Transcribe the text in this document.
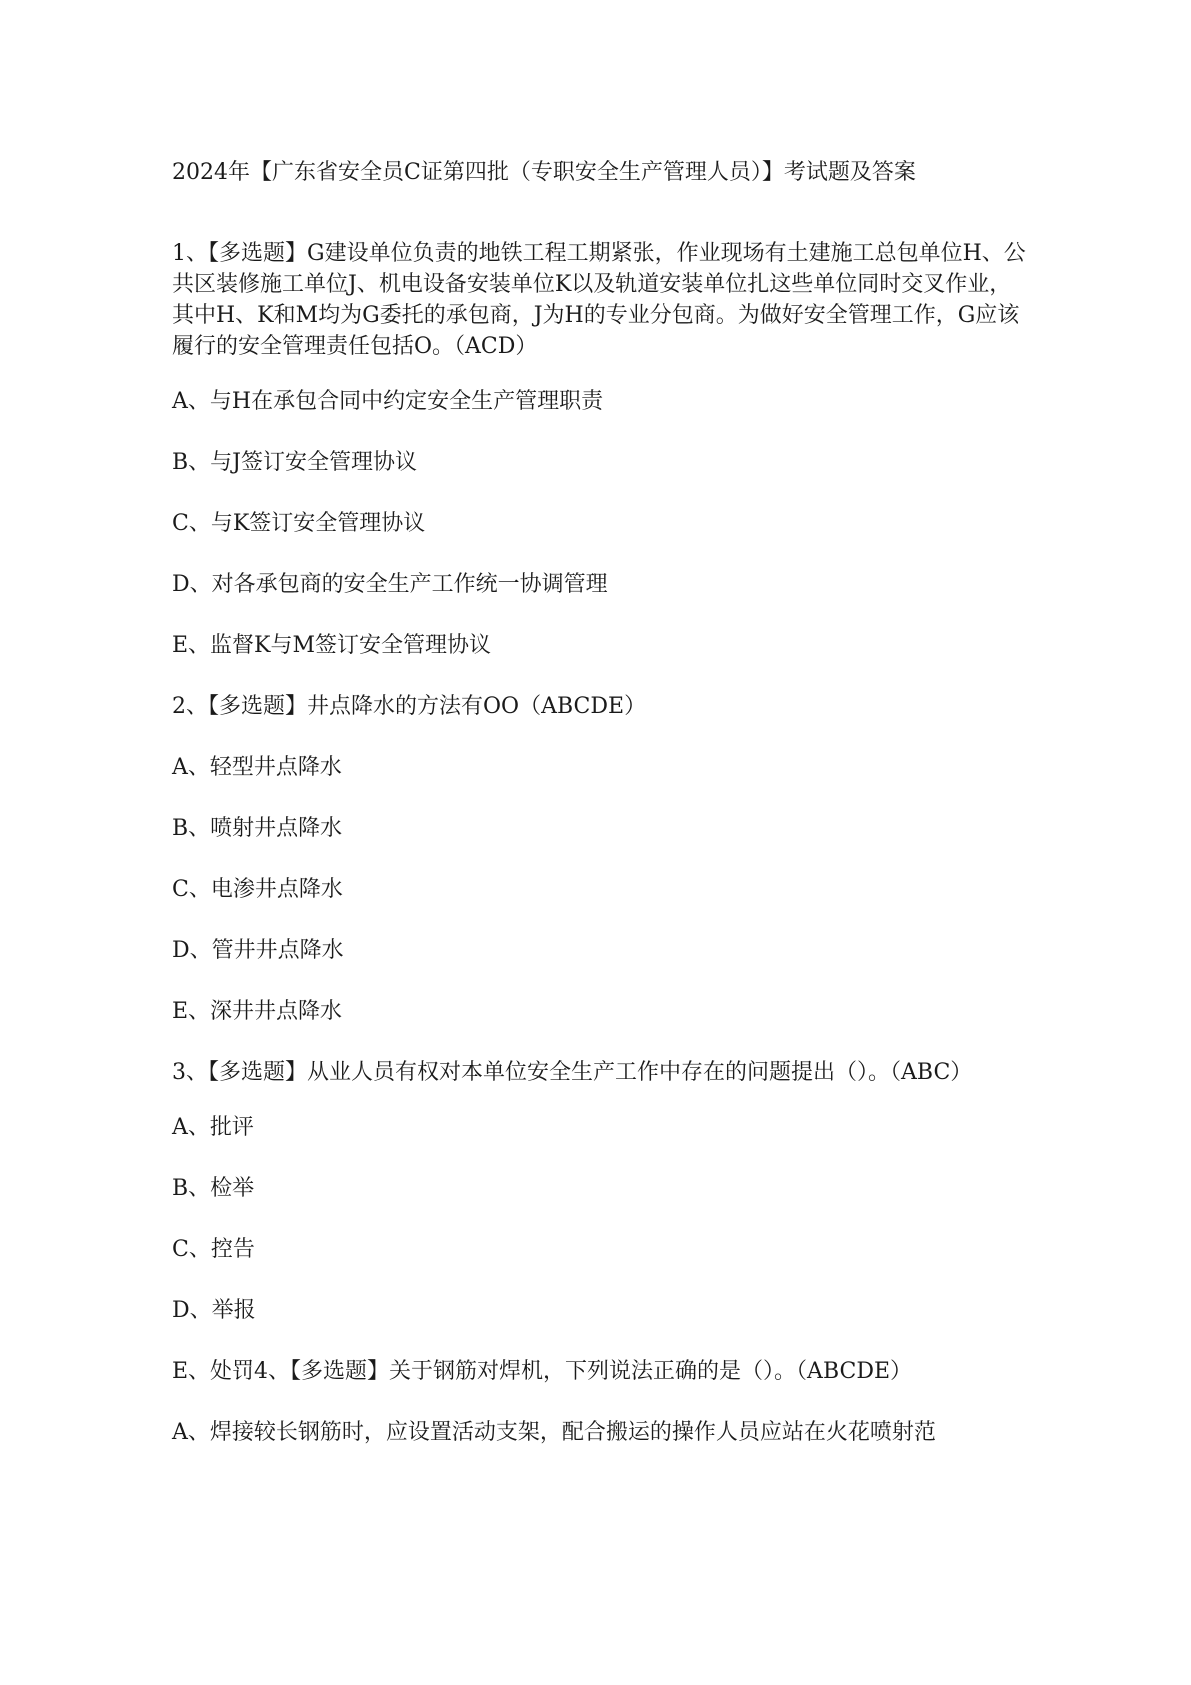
2024年【广东省安全员C证第四批（专职安全生产管理人员）】考试题及答案

1、【多选题】G建设单位负责的地铁工程工期紧张，作业现场有土建施工总包单位H、公共区装修施工单位J、机电设备安装单位K以及轨道安装单位扎这些单位同时交叉作业，其中H、K和M均为G委托的承包商，J为H的专业分包商。为做好安全管理工作，G应该履行的安全管理责任包括O。（ACD）

A、与H在承包合同中约定安全生产管理职责

B、与J签订安全管理协议

C、与K签订安全管理协议

D、对各承包商的安全生产工作统一协调管理

E、监督K与M签订安全管理协议

2、【多选题】井点降水的方法有OO（ABCDE）

A、轻型井点降水

B、喷射井点降水

C、电渗井点降水

D、管井井点降水

E、深井井点降水

3、【多选题】从业人员有权对本单位安全生产工作中存在的问题提出（）。（ABC）

A、批评

B、检举

C、控告

D、举报

E、处罚4、【多选题】关于钢筋对焊机，下列说法正确的是（）。（ABCDE）

A、焊接较长钢筋时，应设置活动支架，配合搬运的操作人员应站在火花喷射范
